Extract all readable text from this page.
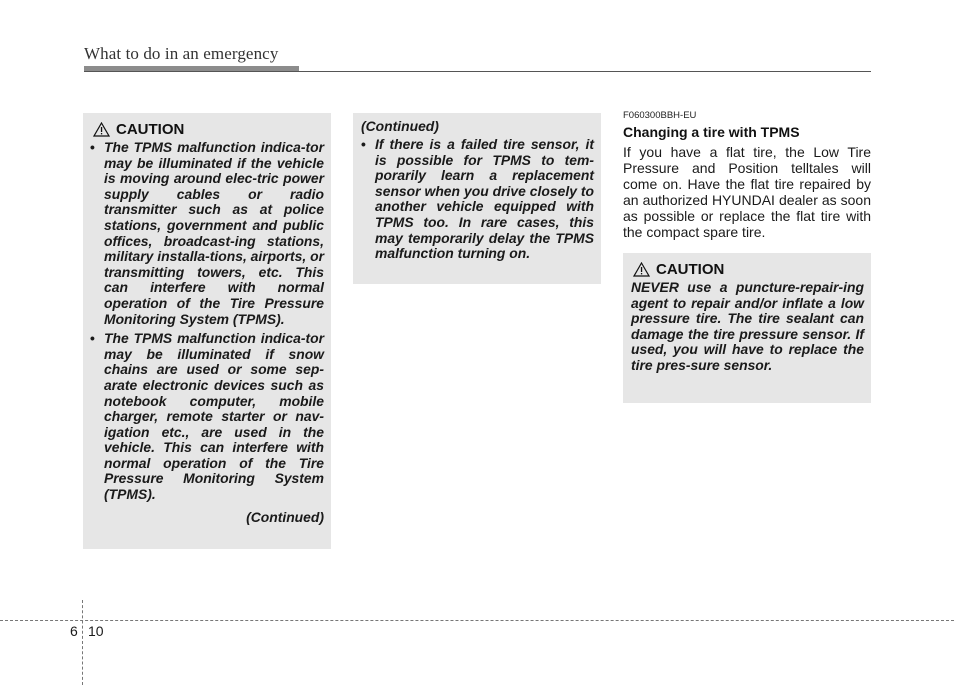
What to do in an emergency
CAUTION
• The TPMS malfunction indica-tor may be illuminated if the vehicle is moving around elec-tric power supply cables or radio transmitter such as at police stations, government and public offices, broadcast-ing stations, military installa-tions, airports, or transmitting towers, etc. This can interfere with normal operation of the Tire Pressure Monitoring System (TPMS).
• The TPMS malfunction indica-tor may be illuminated if snow chains are used or some sep-arate electronic devices such as notebook computer, mobile charger, remote starter or nav-igation etc., are used in the vehicle. This can interfere with normal operation of the Tire Pressure Monitoring System (TPMS).
(Continued)
(Continued)
• If there is a failed tire sensor, it is possible for TPMS to tem-porarily learn a replacement sensor when you drive closely to another vehicle equipped with TPMS too. In rare cases, this may temporarily delay the TPMS malfunction turning on.
F060300BBH-EU
Changing a tire with TPMS
If you have a flat tire, the Low Tire Pressure and Position telltales will come on. Have the flat tire repaired by an authorized HYUNDAI dealer as soon as possible or replace the flat tire with the compact spare tire.
CAUTION
NEVER use a puncture-repair-ing agent to repair and/or inflate a low pressure tire. The tire sealant can damage the tire pressure sensor. If used, you will have to replace the tire pres-sure sensor.
6 10
